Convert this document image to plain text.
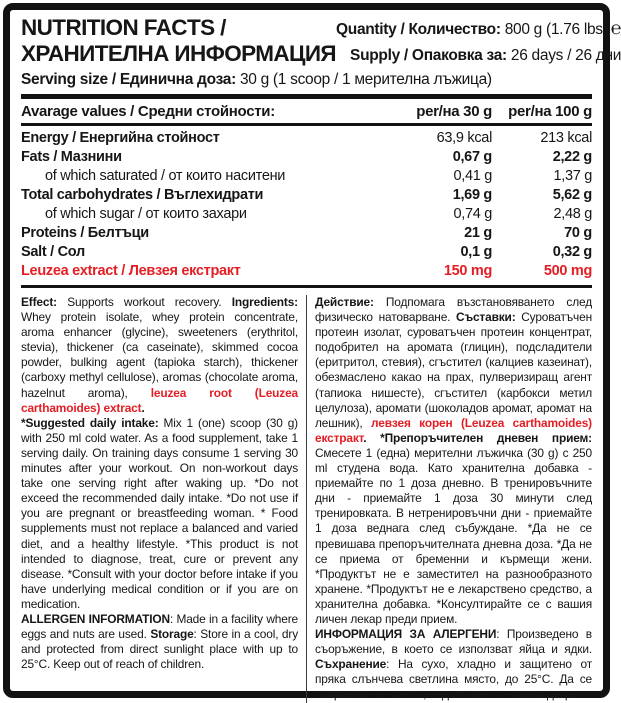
NUTRITION FACTS /
ХРАНИТЕЛНА ИНФОРМАЦИЯ
Quantity / Количество: 800 g (1.76 lbs) ℮
Supply / Опаковка за: 26 days / 26 дни
Serving size / Единична доза: 30 g (1 scoop / 1 мерителна лъжица)
Avarage values / Средни стойности:	per/на 30 g	per/на 100 g
Energy / Енергийна стойност	63,9 kcal	213 kcal
Fats / Мазнини	0,67 g	2,22 g
of which saturated / от които наситени	0,41 g	1,37 g
Total carbohydrates / Въглехидрати	1,69 g	5,62 g
of which sugar / от които захари	0,74 g	2,48 g
Proteins / Белтъци	21 g	70 g
Salt / Сол	0,1 g	0,32 g
Leuzea extract / Левзея екстракт	150 mg	500 mg

Effect: Supports workout recovery. Ingredients: Whey protein isolate, whey protein concentrate, aroma enhancer (glycine), sweeteners (erythritol, stevia), thickener (ca caseinate), skimmed cocoa powder, bulking agent (tapioka starch), thickener (carboxy methyl cellulose), aromas (chocolate aroma, hazelnut aroma), leuzea root (Leuzea carthamoides) extract.

*Suggested daily intake: Mix 1 (one) scoop (30 g) with 250 ml cold water. As a food supplement, take 1 serving daily. On training days consume 1 serving 30 minutes after your workout. On non-workout days take one serving right after waking up. *Do not exceed the recommended daily intake. *Do not use if you are pregnant or breastfeeding woman. * Food supplements must not replace a balanced and varied diet, and a healthy lifestyle. *This product is not intended to diagnose, treat, cure or prevent any disease. *Consult with your doctor before intake if you have underlying medical condition or if you are on medication.

ALLERGEN INFORMATION: Made in a facility where eggs and nuts are used. Storage: Store in a cool, dry and protected from direct sunlight place with up to 25°C. Keep out of reach of children.

Действие: Подпомага възстановяването след физическо натоварване. Съставки: Суроватъчен протеин изолат, суроватъчен протеин концентрат, подобрител на аромата (глицин), подсладители (еритритол, стевия), сгъстител (калциев казеинат), обезмаслено какао на прах, пулверизиращ агент (тапиока нишесте), сгъстител (карбокси метил целулоза), аромати (шоколадов аромат, аромат на лешник), левзея корен (Leuzea carthamoides) екстракт. *Препоръчителен дневен прием: Смесете 1 (една) мерителни лъжичка (30 g) с 250 ml студена вода. Като хранителна добавка - приемайте по 1 доза дневно. В тренировъчните дни - приемайте 1 доза 30 минути след тренировката. В нетренировъчни дни - приемайте 1 доза веднага след събуждане. *Да не се превишава препоръчителната дневна доза. *Да не се приема от бременни и кърмещи жени. *Продуктът не е заместител на разнообразното хранене. *Продуктът не е лекарствено средство, а хранителна добавка. *Консултирайте се с вашия личен лекар преди прием.

ИНФОРМАЦИЯ ЗА АЛЕРГЕНИ: Произведено в съоръжение, в което се използват яйца и ядки. Съхранение: На сухо, хладно и защитено от пряка слънчева светлина място, до 25°C. Да се съхранява на места, недостъпни за малки деца.
